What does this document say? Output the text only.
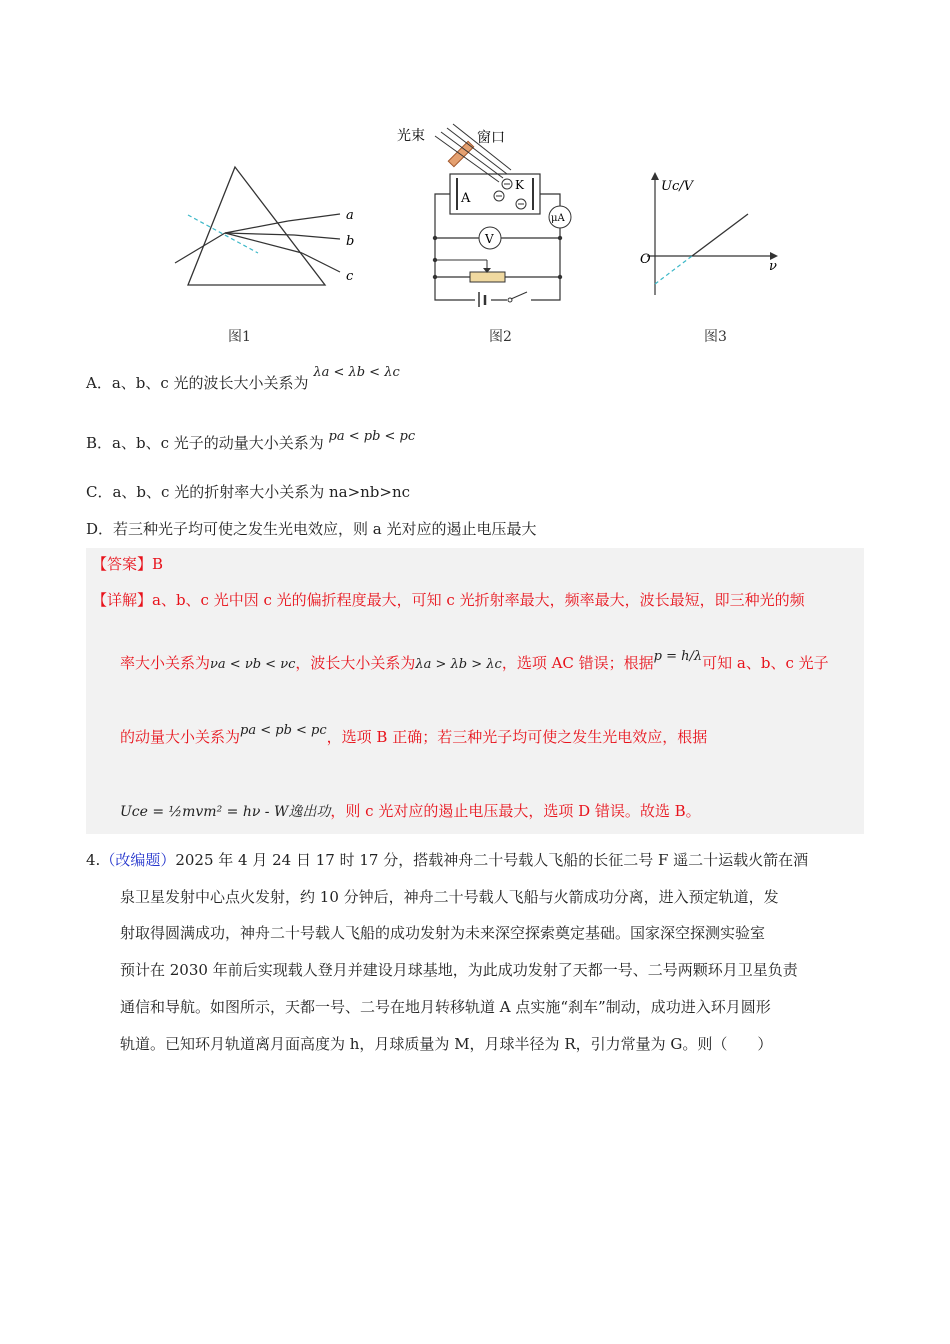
a
b
c
图1
光束	窗口
A
K
μA
V
图2
Uc/V
O	ν
图3
A．a、b、c 光的波长大小关系为 λa < λb < λc
B．a、b、c 光子的动量大小关系为 pa < pb < pc
C．a、b、c 光的折射率大小关系为 na>nb>nc
D．若三种光子均可使之发生光电效应，则 a 光对应的遏止电压最大
【答案】B
【详解】a、b、c 光中因 c 光的偏折程度最大，可知 c 光折射率最大，频率最大，波长最短，即三种光的频
率大小关系为νa < νb < νc，波长大小关系为λa > λb > λc，选项 AC 错误；根据p = h/λ可知 a、b、c 光子
的动量大小关系为pa < pb < pc，选项 B 正确；若三种光子均可使之发生光电效应，根据
Uce = ½mvm² = hν - W逸出功，则 c 光对应的遏止电压最大，选项 D 错误。故选 B。
4.（改编题）2025 年 4 月 24 日 17 时 17 分，搭载神舟二十号载人飞船的长征二号 F 遥二十运载火箭在酒
泉卫星发射中心点火发射，约 10 分钟后，神舟二十号载人飞船与火箭成功分离，进入预定轨道，发
射取得圆满成功，神舟二十号载人飞船的成功发射为未来深空探索奠定基础。国家深空探测实验室
预计在 2030 年前后实现载人登月并建设月球基地，为此成功发射了天都一号、二号两颗环月卫星负责
通信和导航。如图所示，天都一号、二号在地月转移轨道 A 点实施“刹车”制动，成功进入环月圆形
轨道。已知环月轨道离月面高度为 h，月球质量为 M，月球半径为 R，引力常量为 G。则（　　）
